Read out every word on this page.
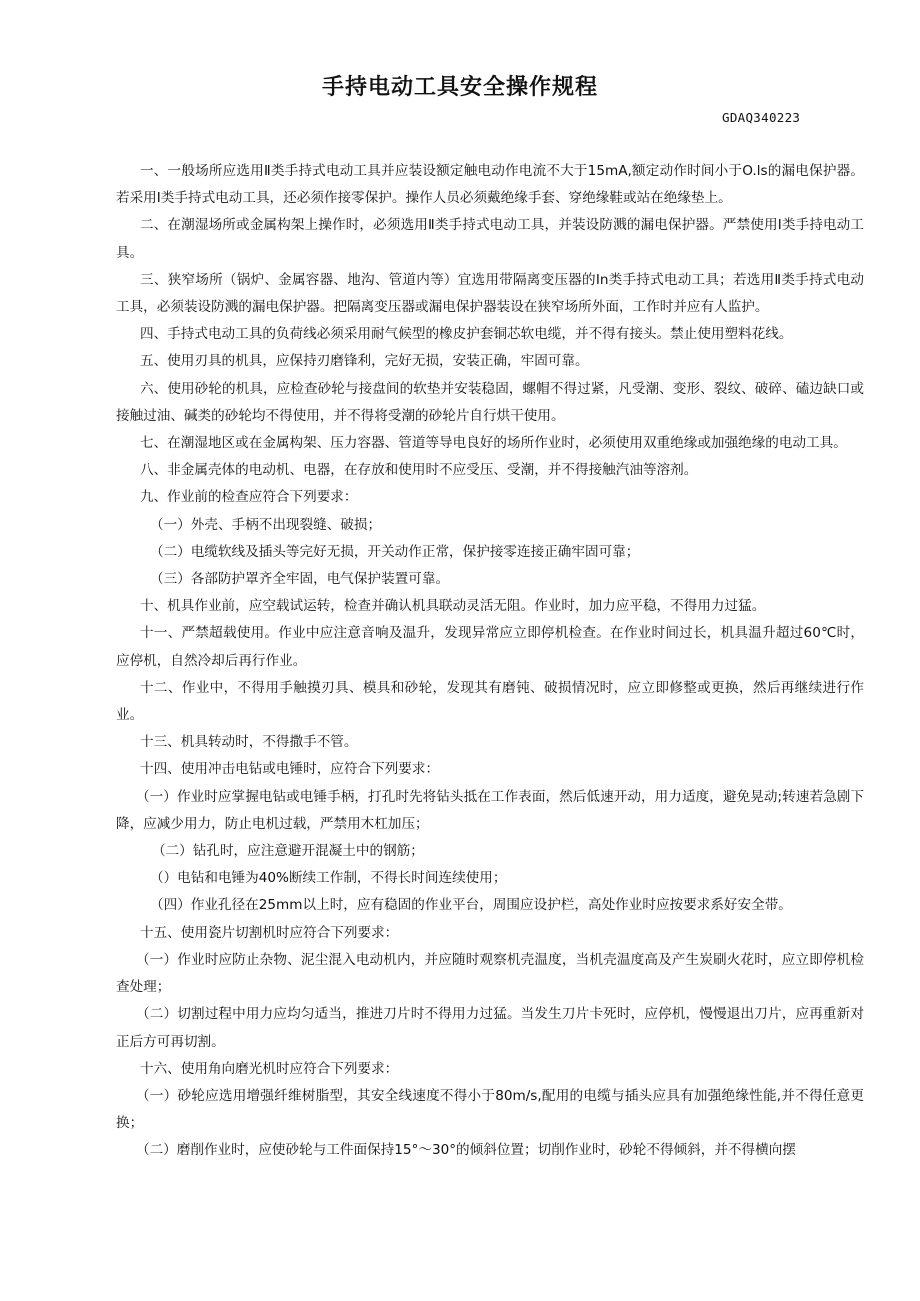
手持电动工具安全操作规程
GDAQ340223

一、一般场所应选用Ⅱ类手持式电动工具并应装设额定触电动作电流不大于15mA,额定动作时间小于O.ls的漏电保护器。若采用Ⅰ类手持式电动工具，还必须作接零保护。操作人员必须戴绝缘手套、穿绝缘鞋或站在绝缘垫上。

二、在潮湿场所或金属构架上操作时，必须选用Ⅱ类手持式电动工具，并装设防溅的漏电保护器。严禁使用Ⅰ类手持电动工具。

三、狭窄场所（锅炉、金属容器、地沟、管道内等）宜选用带隔离变压器的In类手持式电动工具；若选用Ⅱ类手持式电动工具，必须装设防溅的漏电保护器。把隔离变压器或漏电保护器装设在狭窄场所外面，工作时并应有人监护。

四、手持式电动工具的负荷线必须采用耐气候型的橡皮护套铜芯软电缆，并不得有接头。禁止使用塑料花线。

五、使用刃具的机具，应保持刃磨锋利，完好无损，安装正确，牢固可靠。

六、使用砂轮的机具，应检查砂轮与接盘间的软垫并安装稳固，螺帽不得过紧，凡受潮、变形、裂纹、破碎、磕边缺口或接触过油、碱类的砂轮均不得使用，并不得将受潮的砂轮片自行烘干使用。

七、在潮湿地区或在金属构架、压力容器、管道等导电良好的场所作业时，必须使用双重绝缘或加强绝缘的电动工具。

八、非金属壳体的电动机、电器，在存放和使用时不应受压、受潮，并不得接触汽油等溶剂。

九、作业前的检查应符合下列要求：

（一）外壳、手柄不出现裂缝、破损；

（二）电缆软线及插头等完好无损，开关动作正常，保护接零连接正确牢固可靠；

（三）各部防护罩齐全牢固，电气保护装置可靠。

十、机具作业前，应空载试运转，检查并确认机具联动灵活无阻。作业时，加力应平稳，不得用力过猛。

十一、严禁超载使用。作业中应注意音响及温升，发现异常应立即停机检查。在作业时间过长，机具温升超过60℃时，应停机，自然冷却后再行作业。

十二、作业中，不得用手触摸刃具、模具和砂轮，发现其有磨钝、破损情况时，应立即修整或更换，然后再继续进行作业。

十三、机具转动时，不得撒手不管。

十四、使用冲击电钻或电锤时，应符合下列要求：

（一）作业时应掌握电钻或电锤手柄，打孔时先将钻头抵在工作表面，然后低速开动，用力适度，避免晃动;转速若急剧下降，应减少用力，防止电机过载，严禁用木杠加压；

（二）钻孔时，应注意避开混凝土中的钢筋；

（）电钻和电锤为40%断续工作制，不得长时间连续使用；

（四）作业孔径在25mm以上时，应有稳固的作业平台，周围应设护栏，高处作业时应按要求系好安全带。

十五、使用瓷片切割机时应符合下列要求：

（一）作业时应防止杂物、泥尘混入电动机内，并应随时观察机壳温度，当机壳温度高及产生炭刷火花时，应立即停机检查处理；

（二）切割过程中用力应均匀适当，推进刀片时不得用力过猛。当发生刀片卡死时，应停机，慢慢退出刀片，应再重新对正后方可再切割。

十六、使用角向磨光机时应符合下列要求：

（一）砂轮应选用增强纤维树脂型，其安全线速度不得小于80m/s,配用的电缆与插头应具有加强绝缘性能,并不得任意更换；

（二）磨削作业时，应使砂轮与工件面保持15°～30°的倾斜位置；切削作业时，砂轮不得倾斜，并不得横向摆
